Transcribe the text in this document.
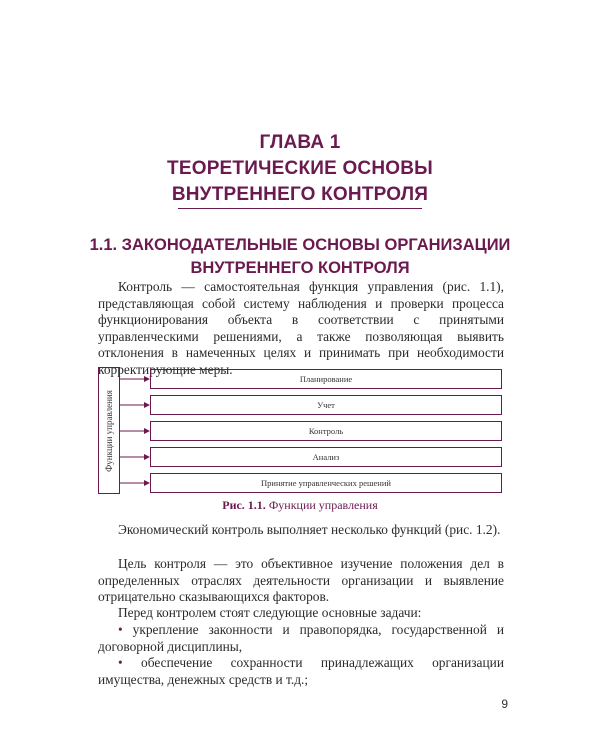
ГЛАВА 1
ТЕОРЕТИЧЕСКИЕ ОСНОВЫ
ВНУТРЕННЕГО КОНТРОЛЯ
1.1. ЗАКОНОДАТЕЛЬНЫЕ ОСНОВЫ ОРГАНИЗАЦИИ
ВНУТРЕННЕГО КОНТРОЛЯ

Контроль — самостоятельная функция управления (рис. 1.1), представляющая собой систему наблюдения и проверки процесса функционирования объекта в соответствии с принятыми управленческими решениями, а также позволяющая выявить отклонения в намеченных целях и принимать при необходимости корректирующие меры.

Функции управления
Планирование
Учет
Контроль
Анализ
Принятие управленческих решений
Рис. 1.1. Функции управления

Экономический контроль выполняет несколько функций (рис. 1.2).

Цель контроля — это объективное изучение положения дел в определенных отраслях деятельности организации и выявление отрицательно сказывающихся факторов.

Перед контролем стоят следующие основные задачи:

• укрепление законности и правопорядка, государственной и договорной дисциплины,

• обеспечение сохранности принадлежащих организации имущества, денежных средств и т.д.;

9
